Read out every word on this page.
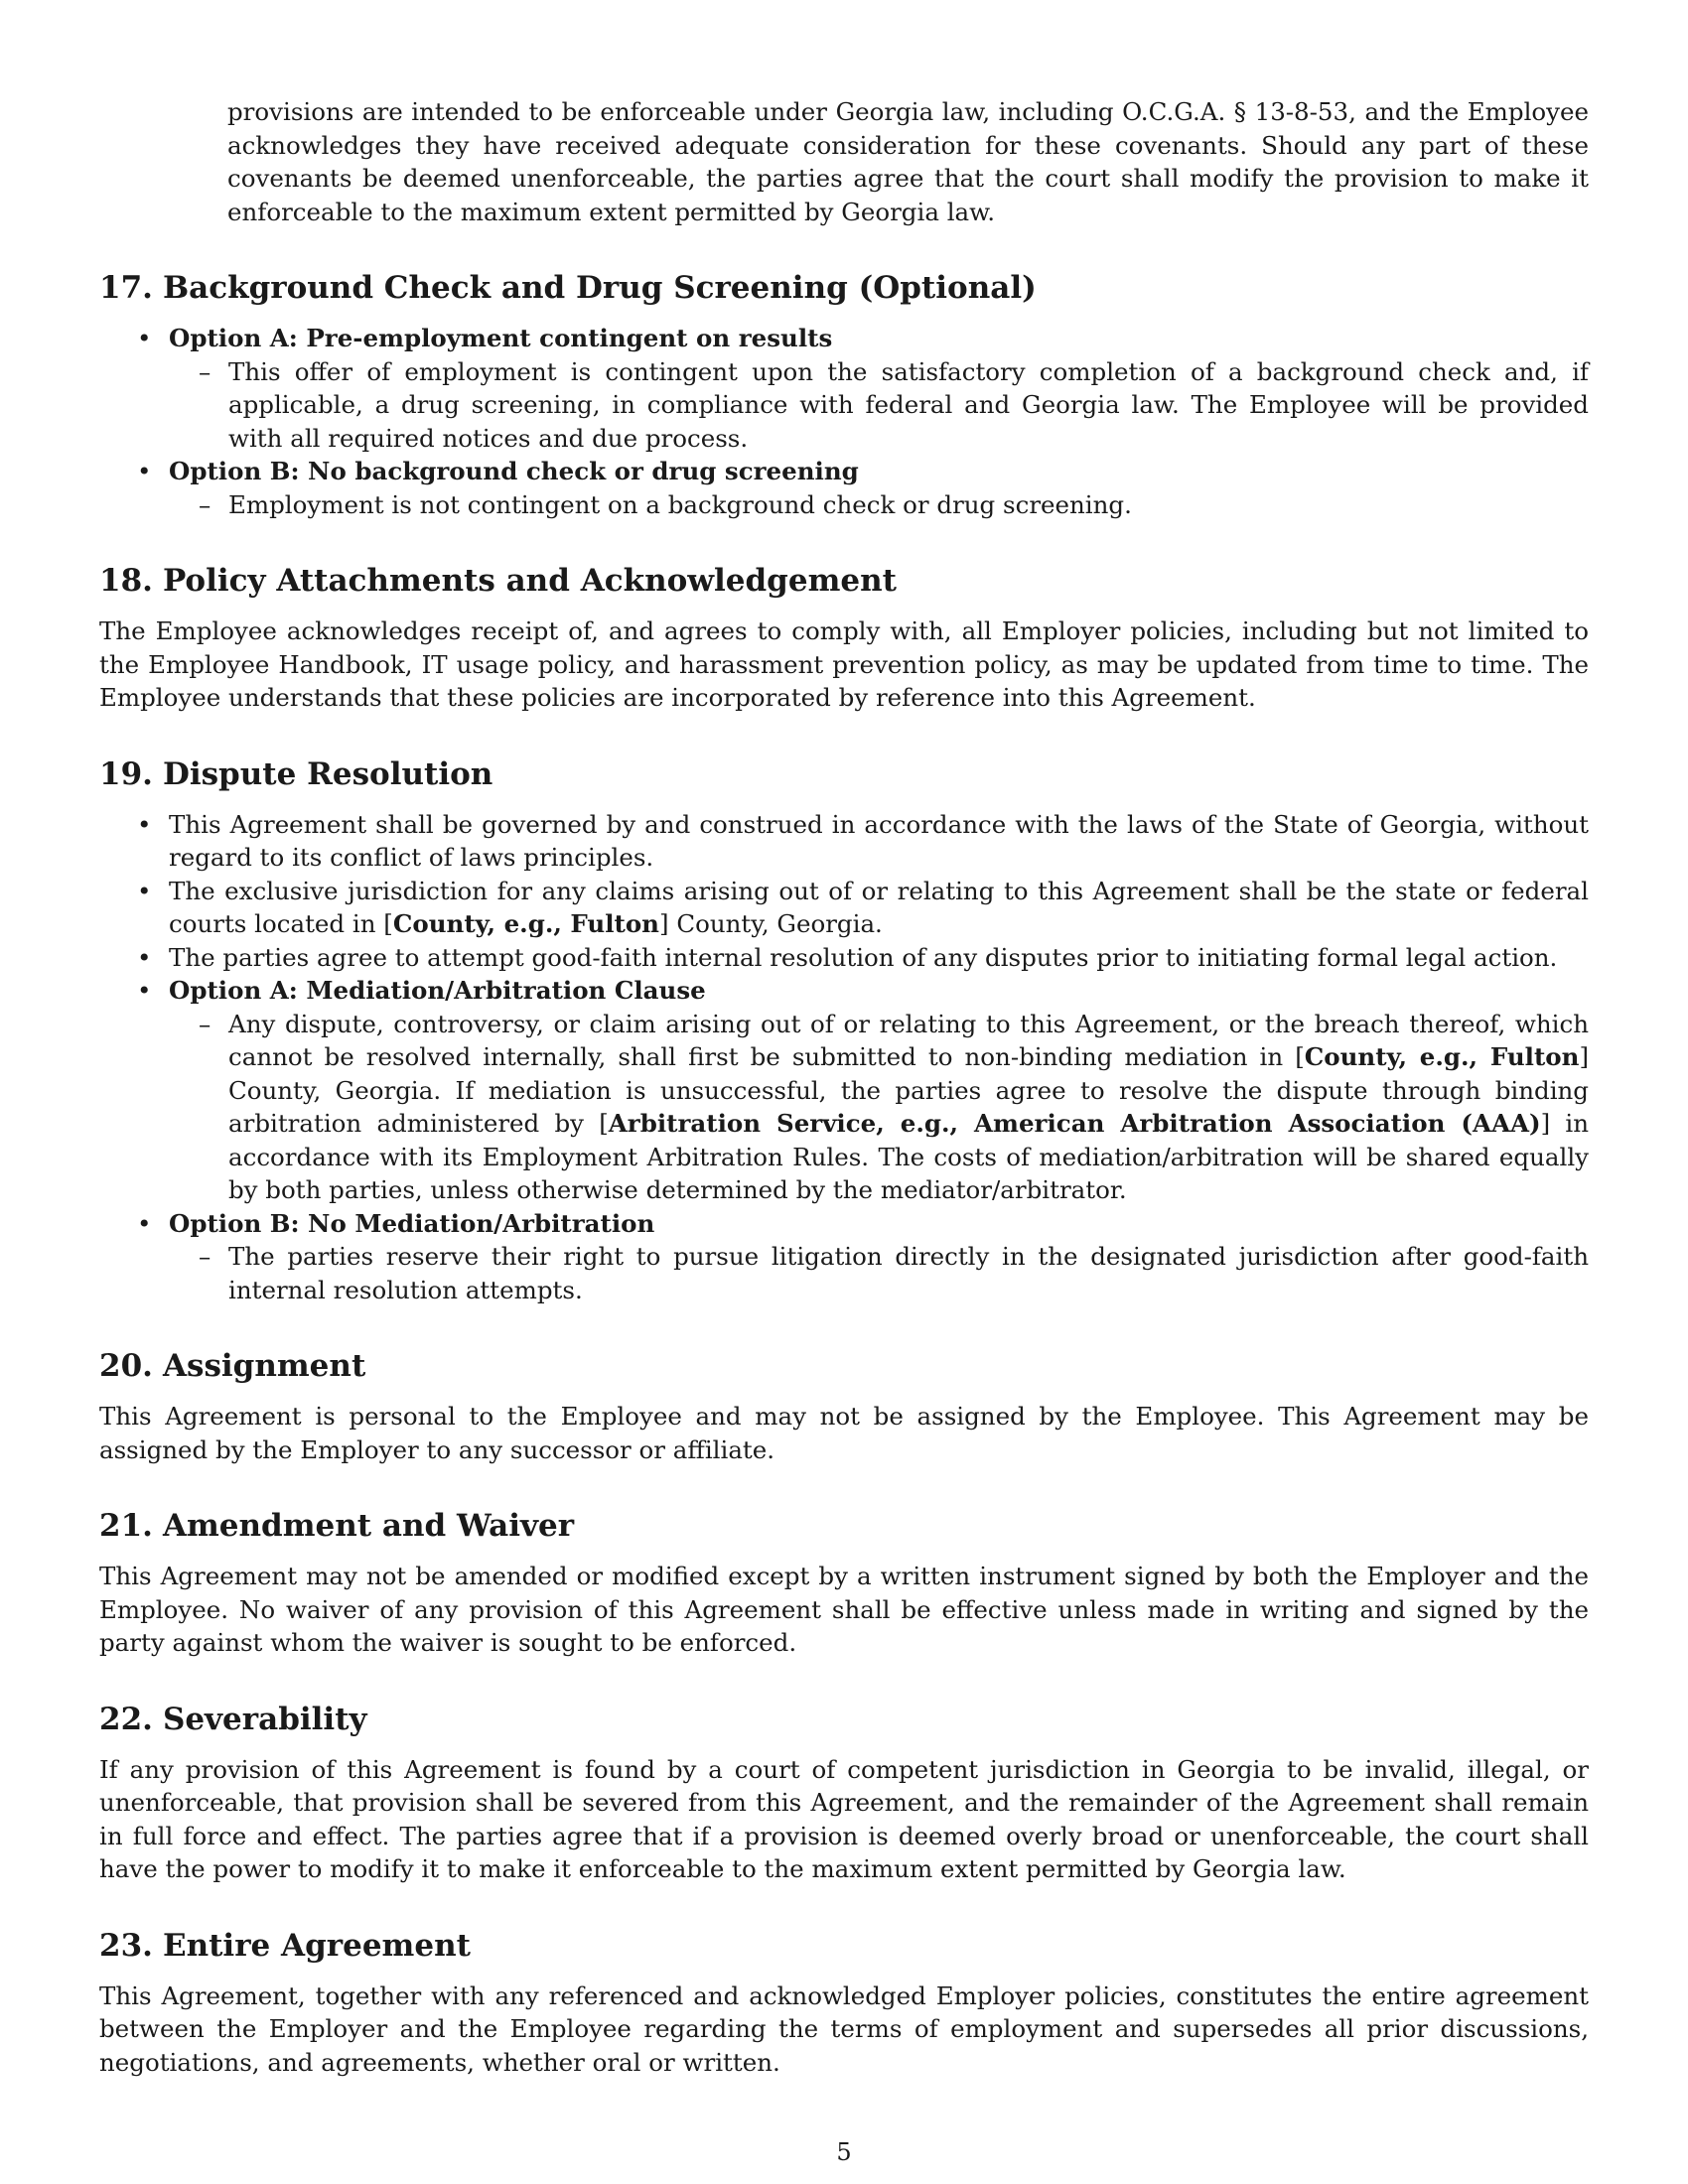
provisions are intended to be enforceable under Georgia law, including O.C.G.A. § 13-8-53, and the Employee acknowledges they have received adequate consideration for these covenants. Should any part of these covenants be deemed unenforceable, the parties agree that the court shall modify the provision to make it enforceable to the maximum extent permitted by Georgia law.

17. Background Check and Drug Screening (Optional)
• Option A: Pre-employment contingent on results
– This offer of employment is contingent upon the satisfactory completion of a background check and, if applicable, a drug screening, in compliance with federal and Georgia law. The Employee will be provided with all required notices and due process.
• Option B: No background check or drug screening
– Employment is not contingent on a background check or drug screening.
18. Policy Attachments and Acknowledgement

The Employee acknowledges receipt of, and agrees to comply with, all Employer policies, including but not limited to the Employee Handbook, IT usage policy, and harassment prevention policy, as may be updated from time to time. The Employee understands that these policies are incorporated by reference into this Agreement.

19. Dispute Resolution
• This Agreement shall be governed by and construed in accordance with the laws of the State of Georgia, without regard to its conflict of laws principles.
• The exclusive jurisdiction for any claims arising out of or relating to this Agreement shall be the state or federal courts located in [County, e.g., Fulton] County, Georgia.
• The parties agree to attempt good-faith internal resolution of any disputes prior to initiating formal legal action.
• Option A: Mediation/Arbitration Clause
– Any dispute, controversy, or claim arising out of or relating to this Agreement, or the breach thereof, which cannot be resolved internally, shall first be submitted to non-binding mediation in [County, e.g., Fulton] County, Georgia. If mediation is unsuccessful, the parties agree to resolve the dispute through binding arbitration administered by [Arbitration Service, e.g., American Arbitration Association (AAA)] in accordance with its Employment Arbitration Rules. The costs of mediation/arbitration will be shared equally by both parties, unless otherwise determined by the mediator/arbitrator.
• Option B: No Mediation/Arbitration
– The parties reserve their right to pursue litigation directly in the designated jurisdiction after good-faith internal resolution attempts.
20. Assignment

This Agreement is personal to the Employee and may not be assigned by the Employee. This Agreement may be assigned by the Employer to any successor or affiliate.

21. Amendment and Waiver

This Agreement may not be amended or modified except by a written instrument signed by both the Employer and the Employee. No waiver of any provision of this Agreement shall be effective unless made in writing and signed by the party against whom the waiver is sought to be enforced.

22. Severability

If any provision of this Agreement is found by a court of competent jurisdiction in Georgia to be invalid, illegal, or unenforceable, that provision shall be severed from this Agreement, and the remainder of the Agreement shall remain in full force and effect. The parties agree that if a provision is deemed overly broad or unenforceable, the court shall have the power to modify it to make it enforceable to the maximum extent permitted by Georgia law.

23. Entire Agreement

This Agreement, together with any referenced and acknowledged Employer policies, constitutes the entire agreement between the Employer and the Employee regarding the terms of employment and supersedes all prior discussions, negotiations, and agreements, whether oral or written.

5
